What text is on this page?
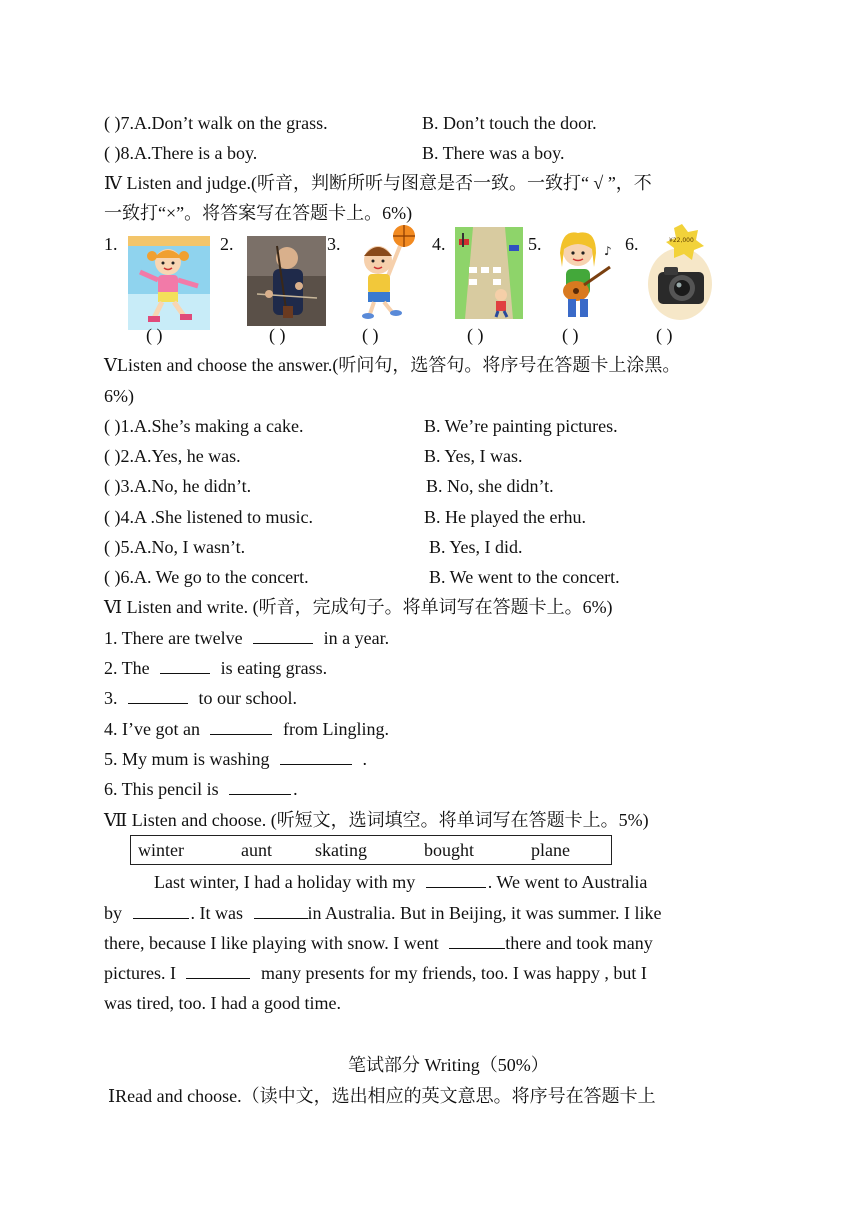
( )7.A.Don’t walk on the grass.	B. Don’t touch the door.
( )8.A.There is a boy.	B. There was a boy.
Ⅳ Listen and judge.(听音，判断所听与图意是否一致。一致打“ √ ”，不
一致打“×”。将答案写在答题卡上。6%)
1.	2.	3.	4.	5.	6.
♪
¥22,000
( )	( )	( )	( )	( )	( )
ⅤListen and choose the answer.(听问句，选答句。将序号在答题卡上涂黑。
6%)
( )1.A.She’s making a cake.	B. We’re painting pictures.
( )2.A.Yes, he was.	B. Yes, I was.
( )3.A.No, he didn’t.	B. No, she didn’t.
( )4.A .She listened to music.	B. He played the erhu.
( )5.A.No, I wasn’t.	B. Yes, I did.
( )6.A. We go to the concert.	B. We went to the concert.
Ⅵ Listen and write. (听音，完成句子。将单词写在答题卡上。6%)
1. There are twelve	in a year.
2. The	is eating grass.
3.	to our school.
4. I’ve got an	from Lingling.
5. My mum is washing	.
6. This pencil is	.
Ⅶ Listen and choose. (听短文，选词填空。将单词写在答题卡上。5%)
winter	aunt skating	bought	plane
Last winter, I had a holiday with my	. We went to Australia
by	. It was	in Australia. But in Beijing, it was summer. I like
there, because I like playing with snow. I went	there and took many
pictures. I	many presents for my friends, too. I was happy , but I
was tired, too. I had a good time.
笔试部分 Writing（50%）
ⅠRead and choose.（读中文，选出相应的英文意思。将序号在答题卡上
